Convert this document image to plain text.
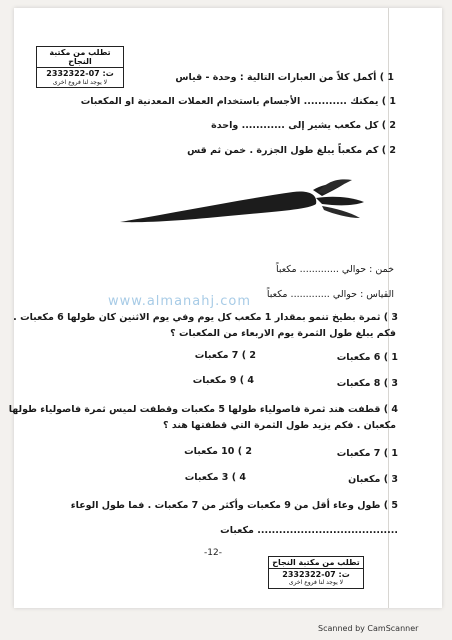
تطلب من مكتبة النجاح
ت: 07-2332322
لا يوجد لنا فروع اخرى	1 ) أكمل كلاً من العبارات التالية : وحدة - قياس
1 ) يمكنك ............ الأجسام باستخدام العملات المعدنية او المكعبات
2 ) كل مكعب يشير إلى ............ واحدة
2 ) كم مكعباً يبلغ طول الجزرة . خمن ثم قس
خمن : حوالي ............. مكعباً
القياس : حوالي ............. مكعباً
www.almanahj.com
3 ) ثمرة بطيخ تنمو بمقدار 1 مكعب كل يوم وفي يوم الاثنين كان طولها 6 مكعبات .
فكم يبلغ طول الثمرة يوم الاربعاء من المكعبات ؟
1 ) 6 مكعبات
2 ) 7 مكعبات
3 ) 8 مكعبات
4 ) 9 مكعبات
4 ) قطفت هند ثمرة فاصولياء طولها 5 مكعبات وقطفت لميس ثمرة فاصولياء طولها
مكعبان . فكم يزيد طول الثمرة التي قطفتها هند ؟
1 ) 7 مكعبات
2 ) 10 مكعبات
3 ) مكعبان
4 ) 3 مكعبات
5 ) طول وعاء أقل من 9 مكعبات وأكثر من 7 مكعبات . فما طول الوعاء
....................................... مكعبات
-12-
تطلب من مكتبة النجاح
ت: 07-2332322
لا يوجد لنا فروع اخرى
Scanned by CamScanner
